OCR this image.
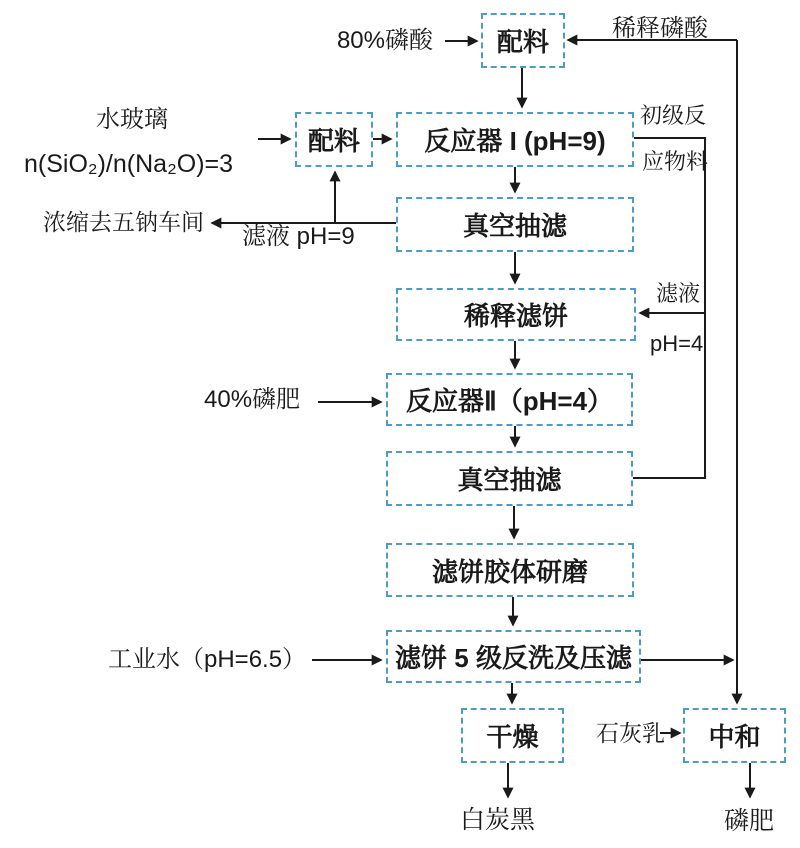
配料
配料	反应器 I (pH=9)
真空抽滤
稀释滤饼
反应器Ⅱ（pH=4）
真空抽滤
滤饼胶体研磨
滤饼 5 级反洗及压滤
干燥	中和
80%磷酸	稀释磷酸
水玻璃
n(SiO₂)/n(Na₂O)=3
浓缩去五钠车间
滤液 pH=9
初级反
应物料
滤液
pH=4
40%磷肥
工业水（pH=6.5）
石灰乳
白炭黑	磷肥
